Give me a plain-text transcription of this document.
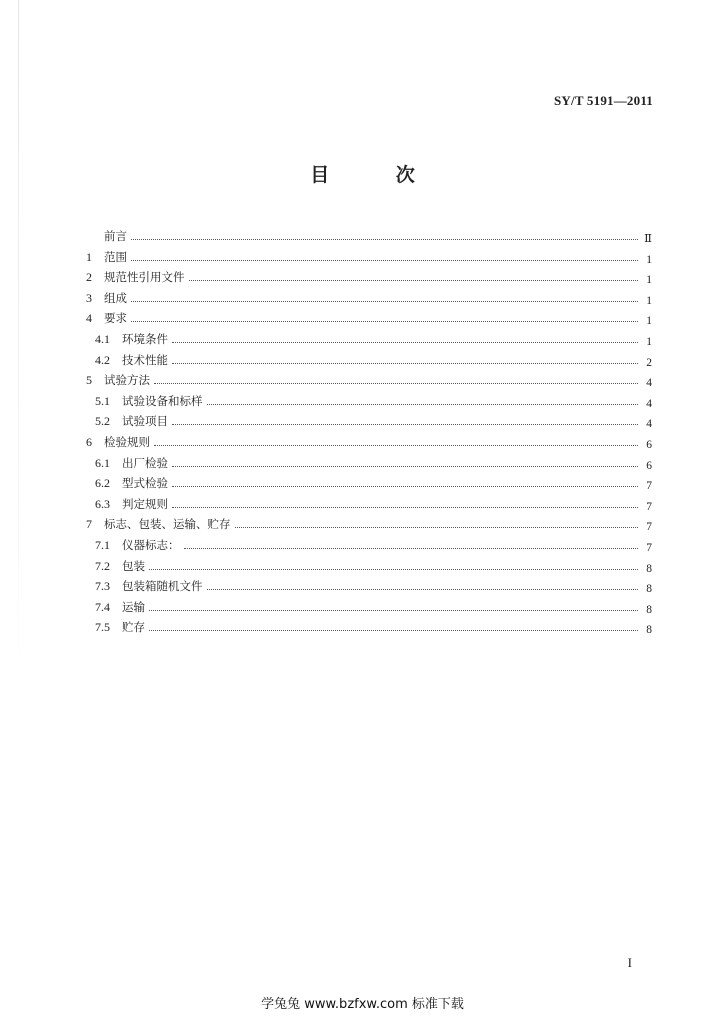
SY/T 5191—2011
目 次
前言	Ⅱ
1	范围	1
2	规范性引用文件	1
3	组成	1
4	要求	1
4.1	环境条件	1
4.2	技术性能	2
5	试验方法	4
5.1	试验设备和标样	4
5.2	试验项目	4
6	检验规则	6
6.1	出厂检验	6
6.2	型式检验	7
6.3	判定规则	7
7	标志、包装、运输、贮存	7
7.1	仪器标志：	7
7.2	包装	8
7.3	包装箱随机文件	8
7.4	运输	8
7.5	贮存	8
I
学兔兔 www.bzfxw.com 标准下载
